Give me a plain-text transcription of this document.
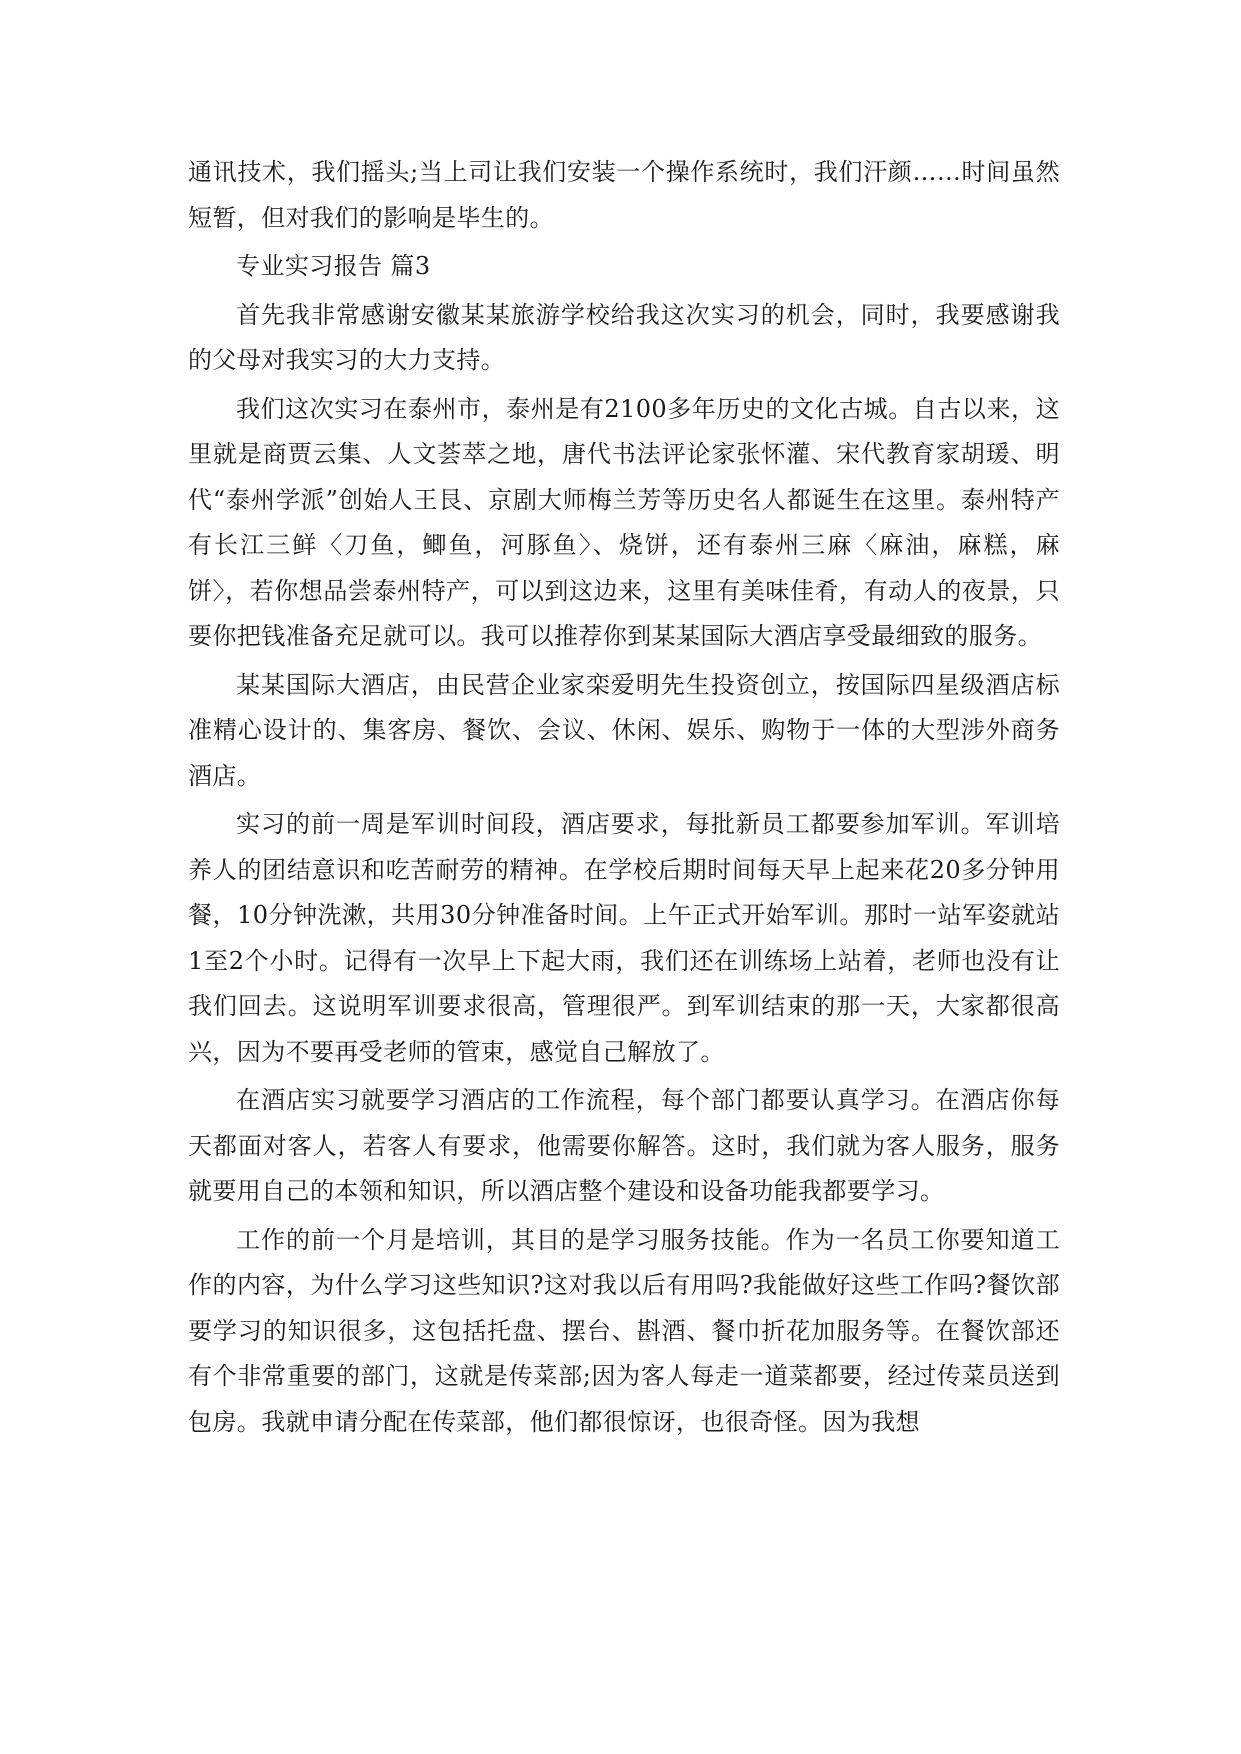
通讯技术，我们摇头;当上司让我们安装一个操作系统时，我们汗颜……时间虽然短暂，但对我们的影响是毕生的。

专业实习报告 篇3

首先我非常感谢安徽某某旅游学校给我这次实习的机会，同时，我要感谢我的父母对我实习的大力支持。

我们这次实习在泰州市，泰州是有2100多年历史的文化古城。自古以来，这里就是商贾云集、人文荟萃之地，唐代书法评论家张怀灌、宋代教育家胡瑗、明代“泰州学派”创始人王艮、京剧大师梅兰芳等历史名人都诞生在这里。泰州特产有长江三鲜〈刀鱼，鲫鱼，河豚鱼〉、烧饼，还有泰州三麻〈麻油，麻糕，麻饼〉，若你想品尝泰州特产，可以到这边来，这里有美味佳肴，有动人的夜景，只要你把钱准备充足就可以。我可以推荐你到某某国际大酒店享受最细致的服务。

某某国际大酒店，由民营企业家栾爱明先生投资创立，按国际四星级酒店标准精心设计的、集客房、餐饮、会议、休闲、娱乐、购物于一体的大型涉外商务酒店。

实习的前一周是军训时间段，酒店要求，每批新员工都要参加军训。军训培养人的团结意识和吃苦耐劳的精神。在学校后期时间每天早上起来花20多分钟用餐，10分钟洗漱，共用30分钟准备时间。上午正式开始军训。那时一站军姿就站1至2个小时。记得有一次早上下起大雨，我们还在训练场上站着，老师也没有让我们回去。这说明军训要求很高，管理很严。到军训结束的那一天，大家都很高兴，因为不要再受老师的管束，感觉自己解放了。

在酒店实习就要学习酒店的工作流程，每个部门都要认真学习。在酒店你每天都面对客人，若客人有要求，他需要你解答。这时，我们就为客人服务，服务就要用自己的本领和知识，所以酒店整个建设和设备功能我都要学习。

工作的前一个月是培训，其目的是学习服务技能。作为一名员工你要知道工作的内容，为什么学习这些知识?这对我以后有用吗?我能做好这些工作吗?餐饮部要学习的知识很多，这包括托盘、摆台、斟酒、餐巾折花加服务等。在餐饮部还有个非常重要的部门，这就是传菜部;因为客人每走一道菜都要，经过传菜员送到包房。我就申请分配在传菜部，他们都很惊讶，也很奇怪。因为我想
